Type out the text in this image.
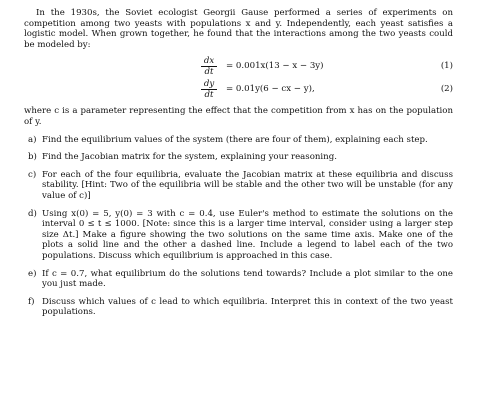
In the 1930s, the Soviet ecologist Georgii Gause performed a series of experiments on competition among two yeasts with populations x and y. Independently, each yeast satisfies a logistic model. When grown together, he found that the interactions among the two yeasts could be modeled by:

dx
dt
= 0.001x(13 − x − 3y)	(1)
dy
dt
= 0.01y(6 − cx − y),	(2)

where c is a parameter representing the effect that the competition from x has on the population of y.

a) Find the equilibrium values of the system (there are four of them), explaining each step.

b) Find the Jacobian matrix for the system, explaining your reasoning.

c) For each of the four equilibria, evaluate the Jacobian matrix at these equilibria and discuss stability. [Hint: Two of the equilibria will be stable and the other two will be unstable (for any value of c)]

d) Using x(0) = 5, y(0) = 3 with c = 0.4, use Euler's method to estimate the solutions on the interval 0 ≤ t ≤ 1000. [Note: since this is a larger time interval, consider using a larger step size Δt.] Make a figure showing the two solutions on the same time axis. Make one of the plots a solid line and the other a dashed line. Include a legend to label each of the two populations. Discuss which equilibrium is approached in this case.

e) If c = 0.7, what equilibrium do the solutions tend towards? Include a plot similar to the one you just made.

f) Discuss which values of c lead to which equilibria. Interpret this in context of the two yeast populations.
